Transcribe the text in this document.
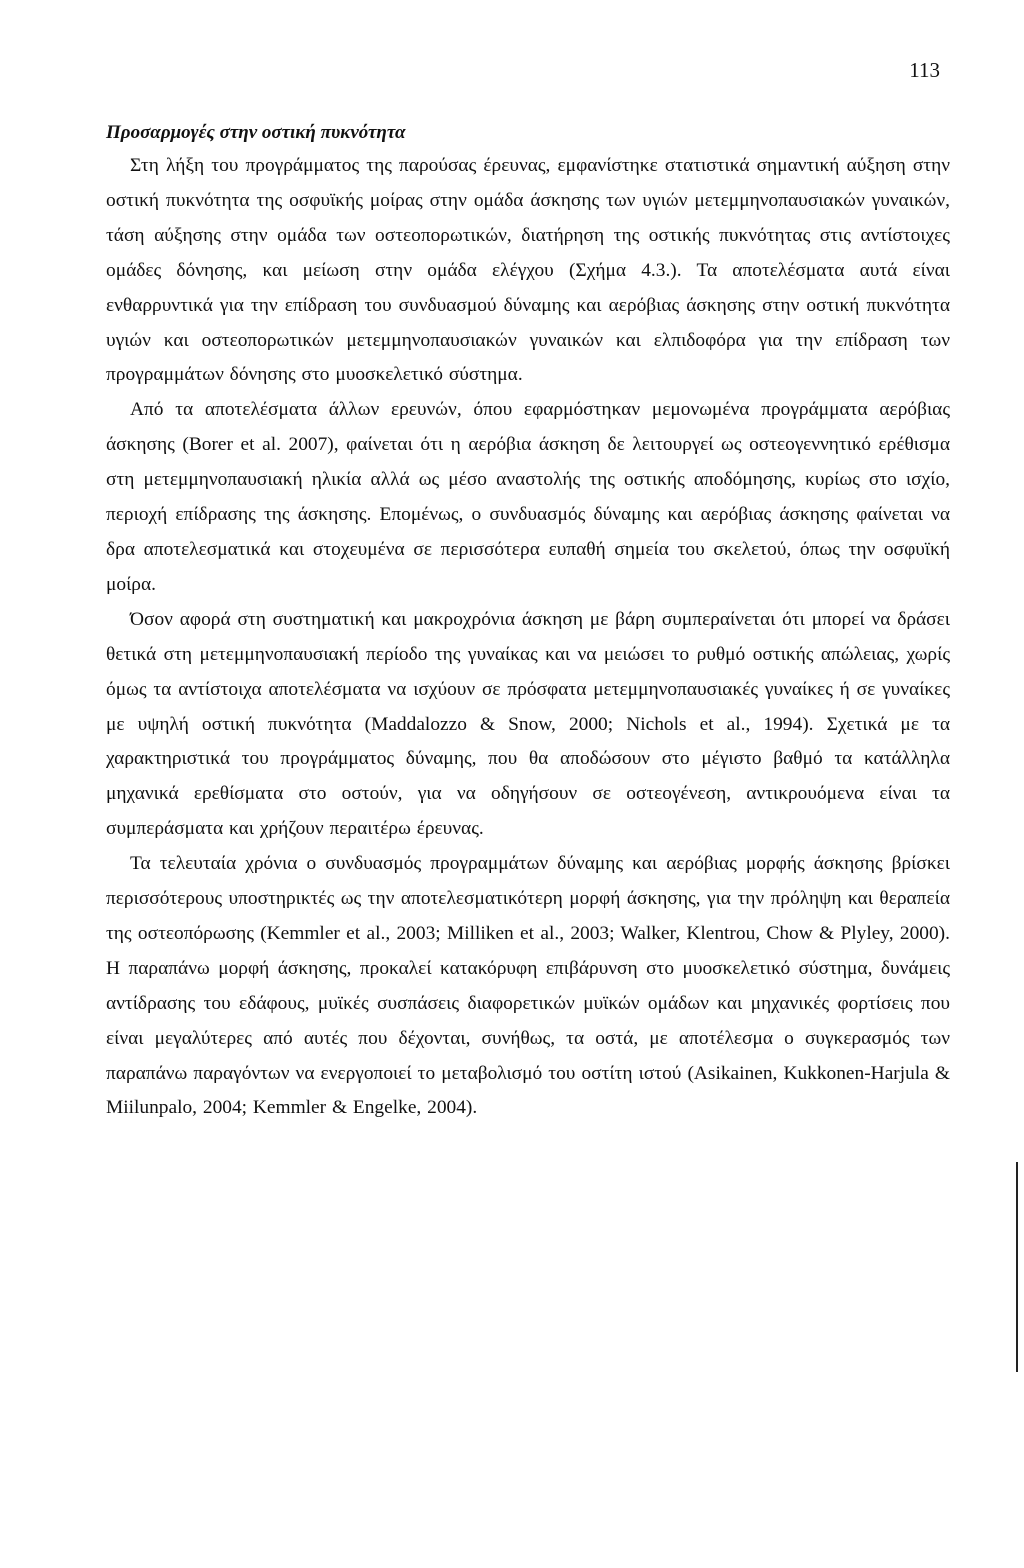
113
Προσαρμογές στην οστική πυκνότητα

Στη λήξη του προγράμματος της παρούσας έρευνας, εμφανίστηκε στατιστικά σημαντική αύξηση στην οστική πυκνότητα της οσφυϊκής μοίρας στην ομάδα άσκησης των υγιών μετεμμηνοπαυσιακών γυναικών, τάση αύξησης στην ομάδα των οστεοπορωτικών, διατήρηση της οστικής πυκνότητας στις αντίστοιχες ομάδες δόνησης, και μείωση στην ομάδα ελέγχου (Σχήμα 4.3.). Τα αποτελέσματα αυτά είναι ενθαρρυντικά για την επίδραση του συνδυασμού δύναμης και αερόβιας άσκησης στην οστική πυκνότητα υγιών και οστεοπορωτικών μετεμμηνοπαυσιακών γυναικών και ελπιδοφόρα για την επίδραση των προγραμμάτων δόνησης στο μυοσκελετικό σύστημα.

Από τα αποτελέσματα άλλων ερευνών, όπου εφαρμόστηκαν μεμονωμένα προγράμματα αερόβιας άσκησης (Borer et al. 2007), φαίνεται ότι η αερόβια άσκηση δε λειτουργεί ως οστεογεννητικό ερέθισμα στη μετεμμηνοπαυσιακή ηλικία αλλά ως μέσο αναστολής της οστικής αποδόμησης, κυρίως στο ισχίο, περιοχή επίδρασης της άσκησης. Επομένως, ο συνδυασμός δύναμης και αερόβιας άσκησης φαίνεται να δρα αποτελεσματικά και στοχευμένα σε περισσότερα ευπαθή σημεία του σκελετού, όπως την οσφυϊκή μοίρα.

Όσον αφορά στη συστηματική και μακροχρόνια άσκηση με βάρη συμπεραίνεται ότι μπορεί να δράσει θετικά στη μετεμμηνοπαυσιακή περίοδο της γυναίκας και να μειώσει το ρυθμό οστικής απώλειας, χωρίς όμως τα αντίστοιχα αποτελέσματα να ισχύουν σε πρόσφατα μετεμμηνοπαυσιακές γυναίκες ή σε γυναίκες με υψηλή οστική πυκνότητα (Maddalozzo & Snow, 2000; Nichols et al., 1994). Σχετικά με τα χαρακτηριστικά του προγράμματος δύναμης, που θα αποδώσουν στο μέγιστο βαθμό τα κατάλληλα μηχανικά ερεθίσματα στο οστούν, για να οδηγήσουν σε οστεογένεση, αντικρουόμενα είναι τα συμπεράσματα και χρήζουν περαιτέρω έρευνας.

Τα τελευταία χρόνια ο συνδυασμός προγραμμάτων δύναμης και αερόβιας μορφής άσκησης βρίσκει περισσότερους υποστηρικτές ως την αποτελεσματικότερη μορφή άσκησης, για την πρόληψη και θεραπεία της οστεοπόρωσης (Kemmler et al., 2003; Milliken et al., 2003; Walker, Klentrou, Chow & Plyley, 2000). Η παραπάνω μορφή άσκησης, προκαλεί κατακόρυφη επιβάρυνση στο μυοσκελετικό σύστημα, δυνάμεις αντίδρασης του εδάφους, μυϊκές συσπάσεις διαφορετικών μυϊκών ομάδων και μηχανικές φορτίσεις που είναι μεγαλύτερες από αυτές που δέχονται, συνήθως, τα οστά, με αποτέλεσμα ο συγκερασμός των παραπάνω παραγόντων να ενεργοποιεί το μεταβολισμό του οστίτη ιστού (Asikainen, Kukkonen-Harjula & Miilunpalo, 2004; Kemmler & Engelke, 2004).
